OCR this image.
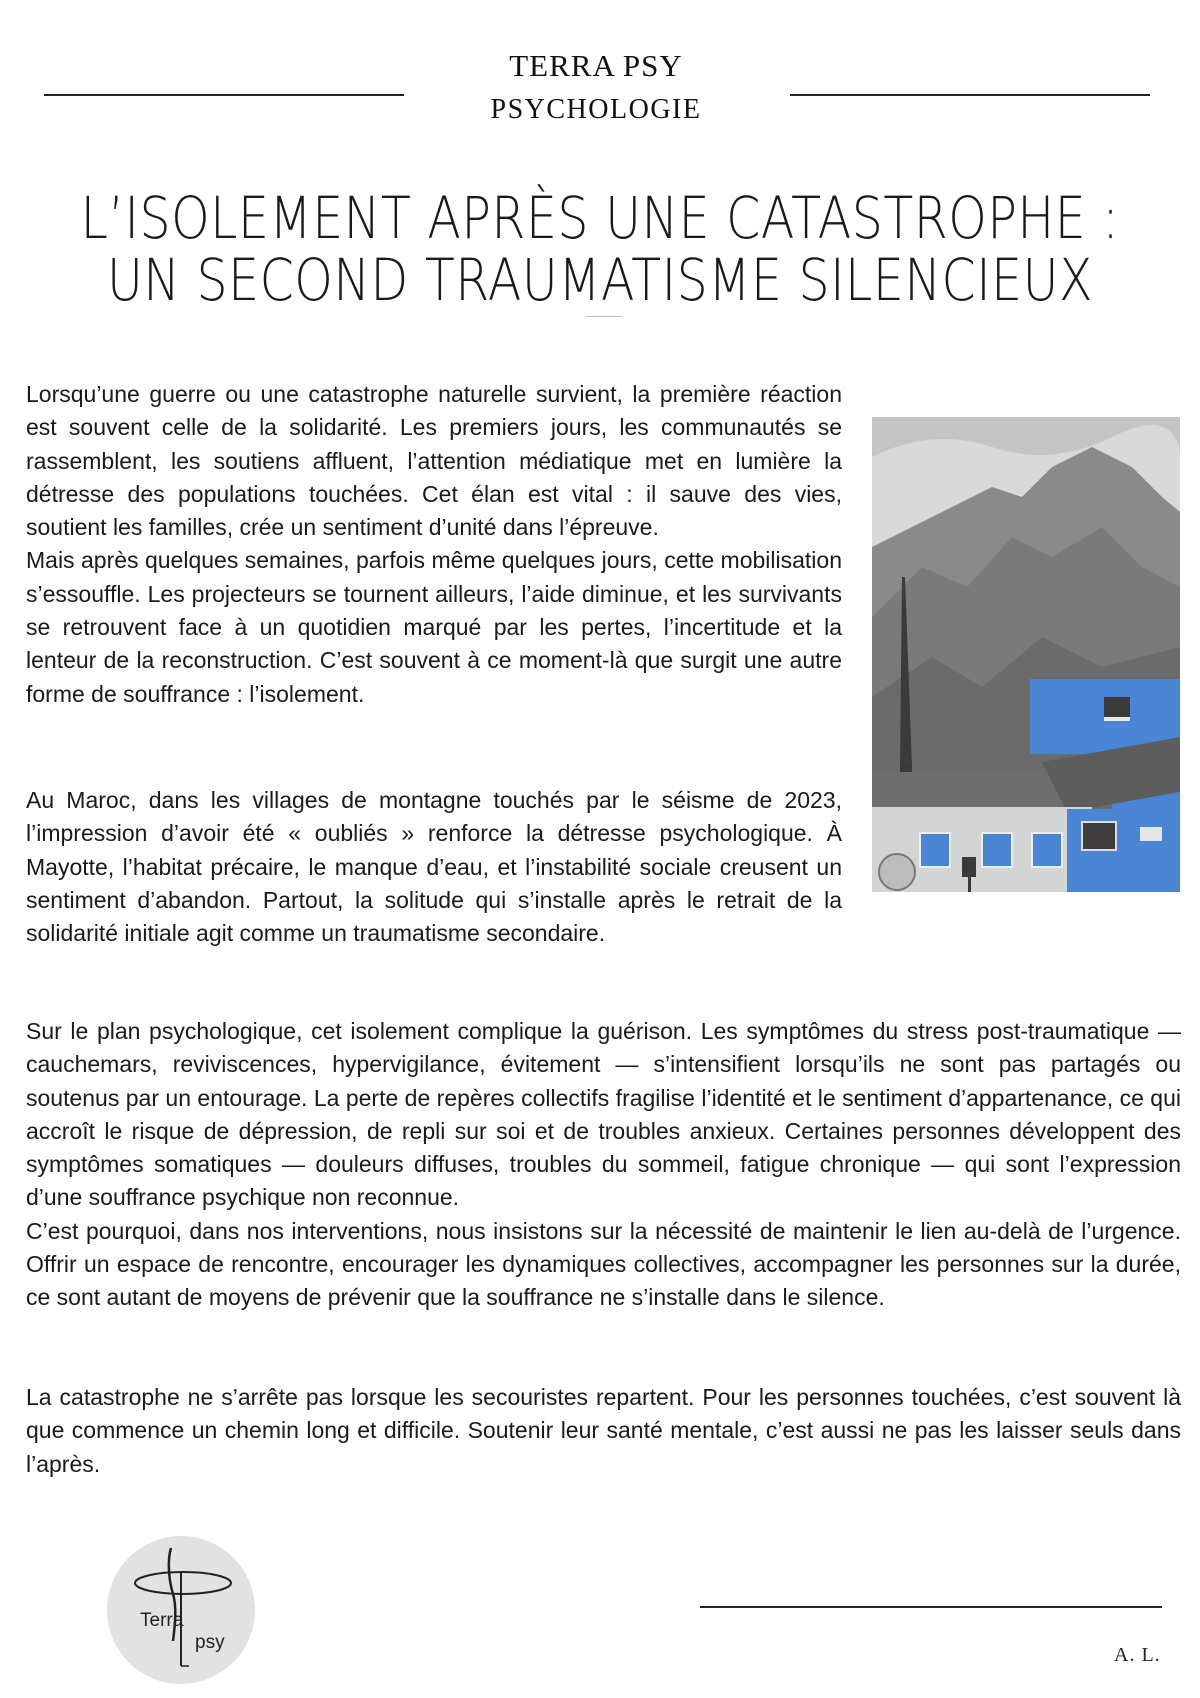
TERRA PSY
PSYCHOLOGIE
L’ISOLEMENT APRÈS UNE CATASTROPHE :
UN SECOND TRAUMATISME SILENCIEUX

Lorsqu’une guerre ou une catastrophe naturelle survient, la première réaction est souvent celle de la solidarité. Les premiers jours, les communautés se rassemblent, les soutiens affluent, l’attention médiatique met en lumière la détresse des populations touchées. Cet élan est vital : il sauve des vies, soutient les familles, crée un sentiment d’unité dans l’épreuve.
Mais après quelques semaines, parfois même quelques jours, cette mobilisation s’essouffle. Les projecteurs se tournent ailleurs, l’aide diminue, et les survivants se retrouvent face à un quotidien marqué par les pertes, l’incertitude et la lenteur de la reconstruction. C’est souvent à ce moment-là que surgit une autre forme de souffrance : l’isolement.

Au Maroc, dans les villages de montagne touchés par le séisme de 2023, l’impression d’avoir été « oubliés » renforce la détresse psychologique. À Mayotte, l’habitat précaire, le manque d’eau, et l’instabilité sociale creusent un sentiment d’abandon. Partout, la solitude qui s’installe après le retrait de la solidarité initiale agit comme un traumatisme secondaire.

Sur le plan psychologique, cet isolement complique la guérison. Les symptômes du stress post-traumatique — cauchemars, reviviscences, hypervigilance, évitement — s’intensifient lorsqu’ils ne sont pas partagés ou soutenus par un entourage. La perte de repères collectifs fragilise l’identité et le sentiment d’appartenance, ce qui accroît le risque de dépression, de repli sur soi et de troubles anxieux. Certaines personnes développent des symptômes somatiques — douleurs diffuses, troubles du sommeil, fatigue chronique — qui sont l’expression d’une souffrance psychique non reconnue.
C’est pourquoi, dans nos interventions, nous insistons sur la nécessité de maintenir le lien au-delà de l’urgence. Offrir un espace de rencontre, encourager les dynamiques collectives, accompagner les personnes sur la durée, ce sont autant de moyens de prévenir que la souffrance ne s’installe dans le silence.

La catastrophe ne s’arrête pas lorsque les secouristes repartent. Pour les personnes touchées, c’est souvent là que commence un chemin long et difficile. Soutenir leur santé mentale, c’est aussi ne pas les laisser seuls dans l’après.

Terra
psy
A. L.
